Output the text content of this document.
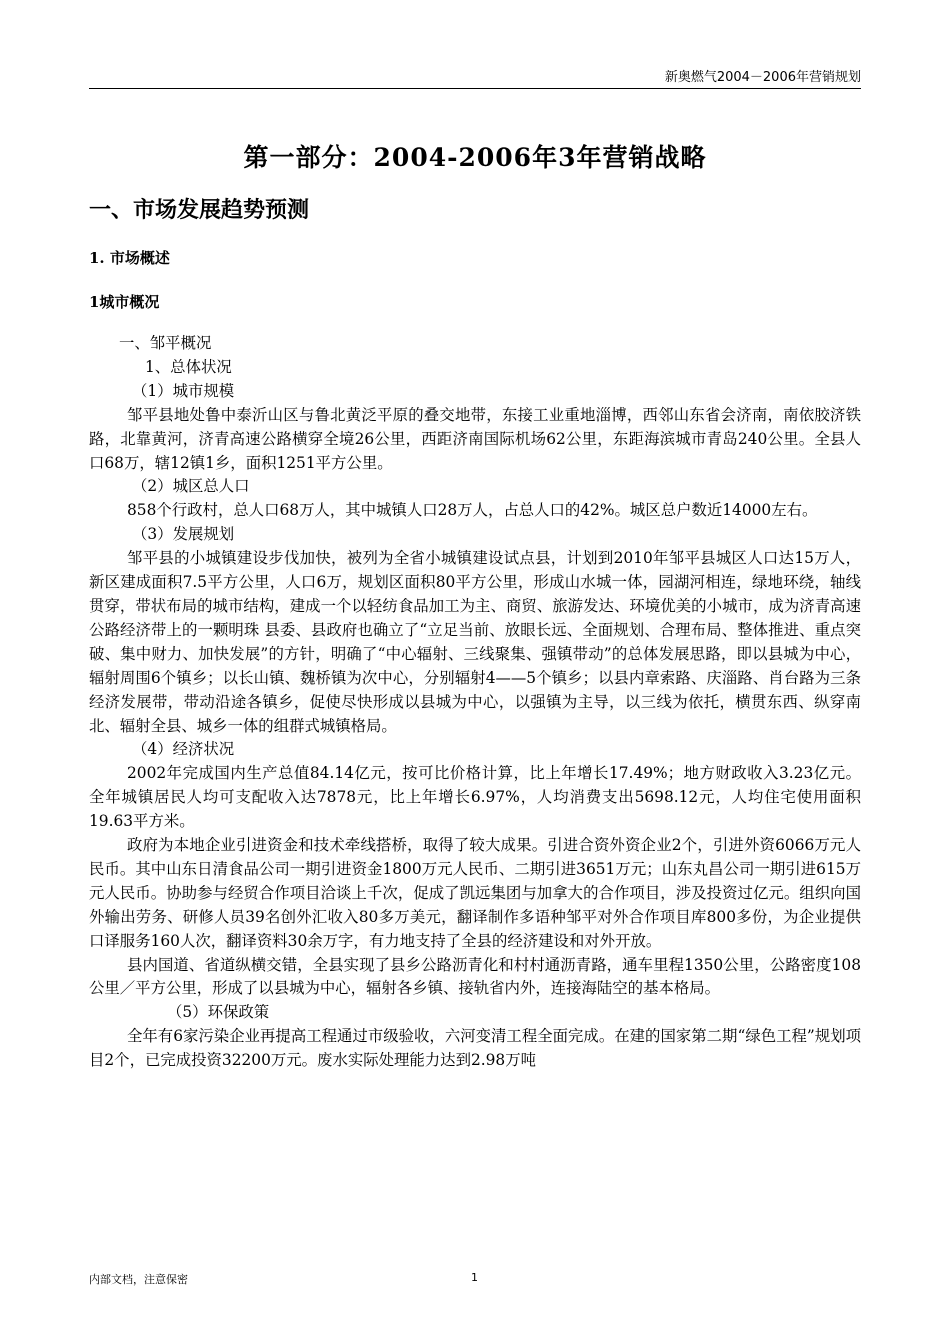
新奥燃气2004－2006年营销规划
第一部分：2004-2006年3年营销战略
一、市场发展趋势预测
1. 市场概述
1城市概况
一、邹平概况
1、总体状况
（1）城市规模

邹平县地处鲁中泰沂山区与鲁北黄泛平原的叠交地带，东接工业重地淄博，西邻山东省会济南，南依胶济铁路，北靠黄河，济青高速公路横穿全境26公里，西距济南国际机场62公里，东距海滨城市青岛240公里。全县人口68万，辖12镇1乡，面积1251平方公里。

（2）城区总人口

858个行政村，总人口68万人，其中城镇人口28万人，占总人口的42%。城区总户数近14000左右。

（3）发展规划

邹平县的小城镇建设步伐加快，被列为全省小城镇建设试点县，计划到2010年邹平县城区人口达15万人，新区建成面积7.5平方公里，人口6万，规划区面积80平方公里，形成山水城一体，园湖河相连，绿地环绕，轴线贯穿，带状布局的城市结构，建成一个以轻纺食品加工为主、商贸、旅游发达、环境优美的小城市，成为济青高速公路经济带上的一颗明珠 县委、县政府也确立了“立足当前、放眼长远、全面规划、合理布局、整体推进、重点突破、集中财力、加快发展”的方针，明确了“中心辐射、三线聚集、强镇带动”的总体发展思路，即以县城为中心，辐射周围6个镇乡；以长山镇、魏桥镇为次中心，分别辐射4——5个镇乡；以县内章索路、庆淄路、肖台路为三条经济发展带，带动沿途各镇乡，促使尽快形成以县城为中心，以强镇为主导，以三线为依托，横贯东西、纵穿南北、辐射全县、城乡一体的组群式城镇格局。

（4）经济状况

2002年完成国内生产总值84.14亿元，按可比价格计算，比上年增长17.49%；地方财政收入3.23亿元。 全年城镇居民人均可支配收入达7878元，比上年增长6.97%，人均消费支出5698.12元，人均住宅使用面积19.63平方米。

政府为本地企业引进资金和技术牵线搭桥，取得了较大成果。引进合资外资企业2个，引进外资6066万元人民币。其中山东日清食品公司一期引进资金1800万元人民币、二期引进3651万元；山东丸昌公司一期引进615万元人民币。协助参与经贸合作项目洽谈上千次，促成了凯远集团与加拿大的合作项目，涉及投资过亿元。组织向国外输出劳务、研修人员39名创外汇收入80多万美元，翻译制作多语种邹平对外合作项目库800多份，为企业提供口译服务160人次，翻译资料30余万字，有力地支持了全县的经济建设和对外开放。

县内国道、省道纵横交错，全县实现了县乡公路沥青化和村村通沥青路，通车里程1350公里，公路密度108公里／平方公里，形成了以县城为中心，辐射各乡镇、接轨省内外，连接海陆空的基本格局。

（5）环保政策

全年有6家污染企业再提高工程通过市级验收，六河变清工程全面完成。在建的国家第二期“绿色工程”规划项目2个，已完成投资32200万元。废水实际处理能力达到2.98万吨

内部文档，注意保密	1
